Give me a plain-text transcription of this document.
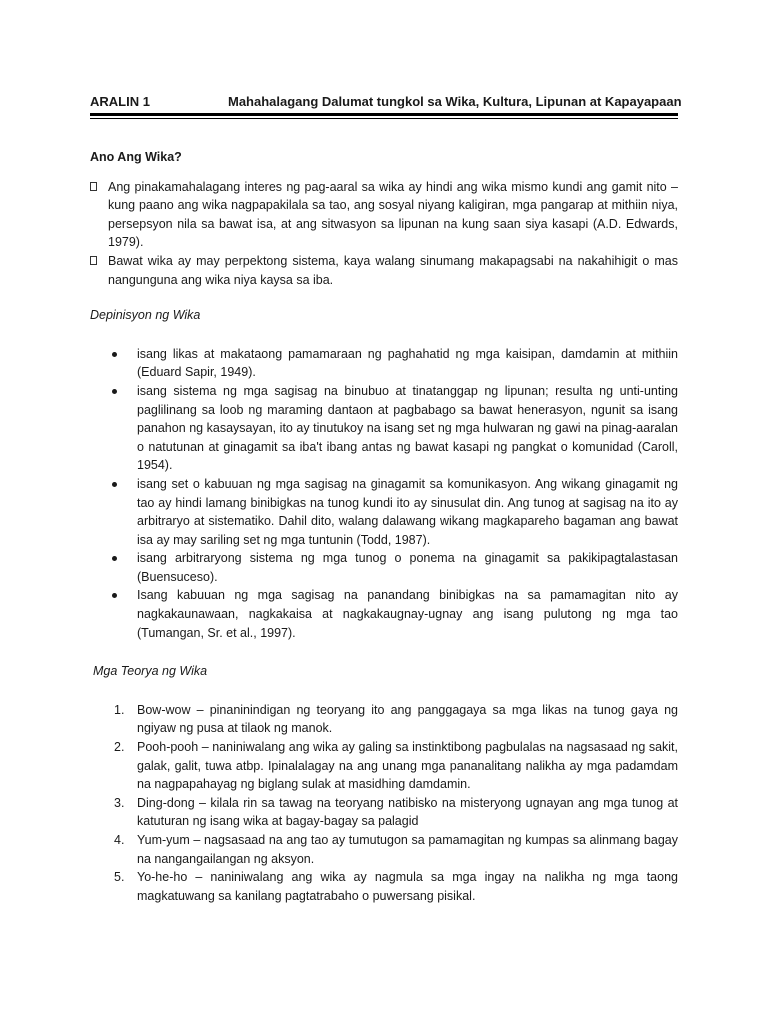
ARALIN 1	Mahahalagang Dalumat tungkol sa Wika, Kultura, Lipunan at Kapayapaan

Ano Ang Wika?

Ang pinakamahalagang interes ng pag-aaral sa wika ay hindi ang wika mismo kundi ang gamit nito – kung paano ang wika nagpapakilala sa tao, ang sosyal niyang kaligiran, mga pangarap at mithiin niya, persepsyon nila sa bawat isa, at ang sitwasyon sa lipunan na kung saan siya kasapi (A.D. Edwards, 1979).
Bawat wika ay may perpektong sistema, kaya walang sinumang makapagsabi na nakahihigit o mas nangunguna ang wika niya kaysa sa iba.

Depinisyon ng Wika

isang likas at makataong pamamaraan ng paghahatid ng mga kaisipan, damdamin at mithiin (Eduard Sapir, 1949).
isang sistema ng mga sagisag na binubuo at tinatanggap ng lipunan; resulta ng unti-unting paglilinang sa loob ng maraming dantaon at pagbabago sa bawat henerasyon, ngunit sa isang panahon ng kasaysayan, ito ay tinutukoy na isang set ng mga hulwaran ng gawi na pinag-aaralan o natutunan at ginagamit sa iba't ibang antas ng bawat kasapi ng pangkat o komunidad (Caroll, 1954).
isang set o kabuuan ng mga sagisag na ginagamit sa komunikasyon. Ang wikang ginagamit ng tao ay hindi lamang binibigkas na tunog kundi ito ay sinusulat din. Ang tunog at sagisag na ito ay arbitraryo at sistematiko. Dahil dito, walang dalawang wikang magkapareho bagaman ang bawat isa ay may sariling set ng mga tuntunin (Todd, 1987).
isang arbitraryong sistema ng mga tunog o ponema na ginagamit sa pakikipagtalastasan (Buensuceso).
Isang kabuuan ng mga sagisag na panandang binibigkas na sa pamamagitan nito ay nagkakaunawaan, nagkakaisa at nagkakaugnay-ugnay ang isang pulutong ng mga tao (Tumangan, Sr. et al., 1997).

Mga Teorya ng Wika

1. Bow-wow – pinaninindigan ng teoryang ito ang panggagaya sa mga likas na tunog gaya ng ngiyaw ng pusa at tilaok ng manok.
2. Pooh-pooh – naniniwalang ang wika ay galing sa instinktibong pagbulalas na nagsasaad ng sakit, galak, galit, tuwa atbp. Ipinalalagay na ang unang mga pananalitang nalikha ay mga padamdam na nagpapahayag ng biglang sulak at masidhing damdamin.
3. Ding-dong – kilala rin sa tawag na teoryang natibisko na misteryong ugnayan ang mga tunog at katuturan ng isang wika at bagay-bagay sa palagid
4. Yum-yum – nagsasaad na ang tao ay tumutugon sa pamamagitan ng kumpas sa alinmang bagay na nangangailangan ng aksyon.
5. Yo-he-ho – naniniwalang ang wika ay nagmula sa mga ingay na nalikha ng mga taong magkatuwang sa kanilang pagtatrabaho o puwersang pisikal.
